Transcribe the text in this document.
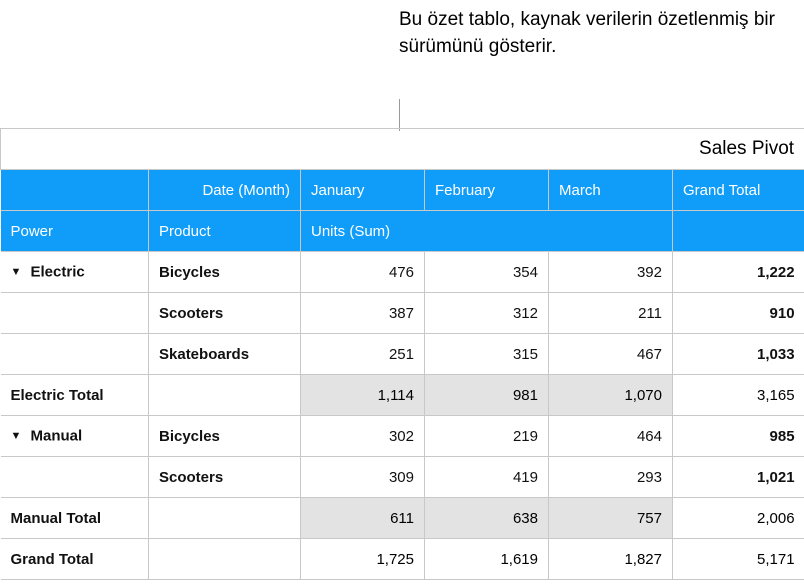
Bu özet tablo, kaynak verilerin özetlenmiş bir sürümünü gösterir.
Sales Pivot					
	Date (Month)	January	February	March	Grand Total
Power	Product	Units (Sum)			
▼ Electric	Bicycles	476	354	392	1,222
	Scooters	387	312	211	910
	Skateboards	251	315	467	1,033
Electric Total		1,114	981	1,070	3,165
▼ Manual	Bicycles	302	219	464	985
	Scooters	309	419	293	1,021
Manual Total		611	638	757	2,006
Grand Total		1,725	1,619	1,827	5,171
